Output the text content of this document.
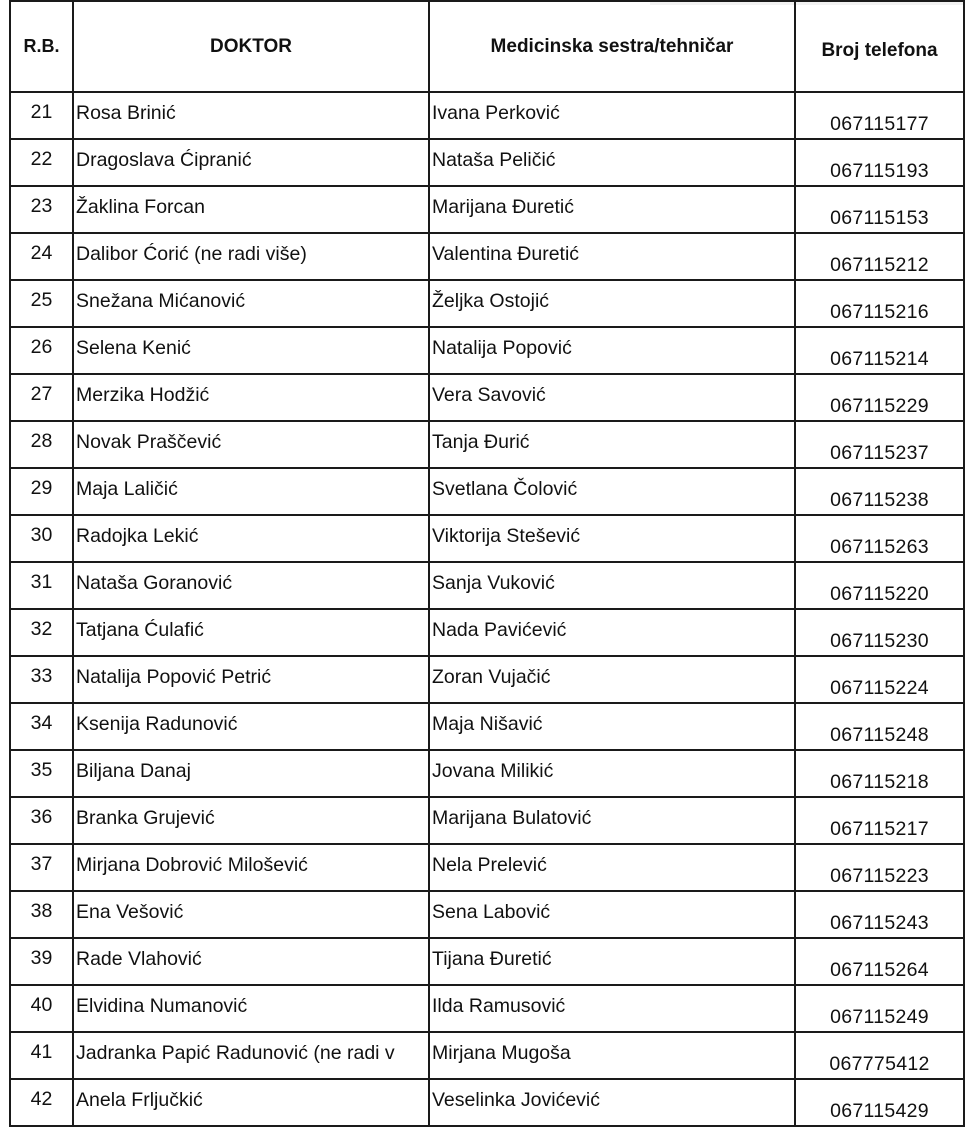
R.B.	DOKTOR	Medicinska sestra/tehničar	Broj telefona	
21	Rosa Brinić	Ivana Perković	067115177	
22	Dragoslava Ćipranić	Nataša Peličić	067115193	
23	Žaklina Forcan	Marijana Đuretić	067115153	
24	Dalibor Ćorić (ne radi više)	Valentina Đuretić	067115212	
25	Snežana Mićanović	Željka Ostojić	067115216	
26	Selena Kenić	Natalija Popović	067115214	
27	Merzika Hodžić	Vera Savović	067115229	
28	Novak Praščević	Tanja Đurić	067115237	
29	Maja Laličić	Svetlana Čolović	067115238	
30	Radojka Lekić	Viktorija Stešević	067115263	
31	Nataša Goranović	Sanja Vuković	067115220	
32	Tatjana Ćulafić	Nada Pavićević	067115230	
33	Natalija Popović Petrić	Zoran Vujačić	067115224	
34	Ksenija Radunović	Maja Nišavić	067115248	
35	Biljana Danaj	Jovana Milikić	067115218	
36	Branka Grujević	Marijana Bulatović	067115217	
37	Mirjana Dobrović Milošević	Nela Prelević	067115223	
38	Ena Vešović	Sena Labović	067115243	
39	Rade Vlahović	Tijana Đuretić	067115264	
40	Elvidina Numanović	Ilda Ramusović	067115249	
41	Jadranka Papić Radunović (ne radi v	Mirjana Mugoša	067775412	
42	Anela Frljučkić	Veselinka Jovićević	067115429	
